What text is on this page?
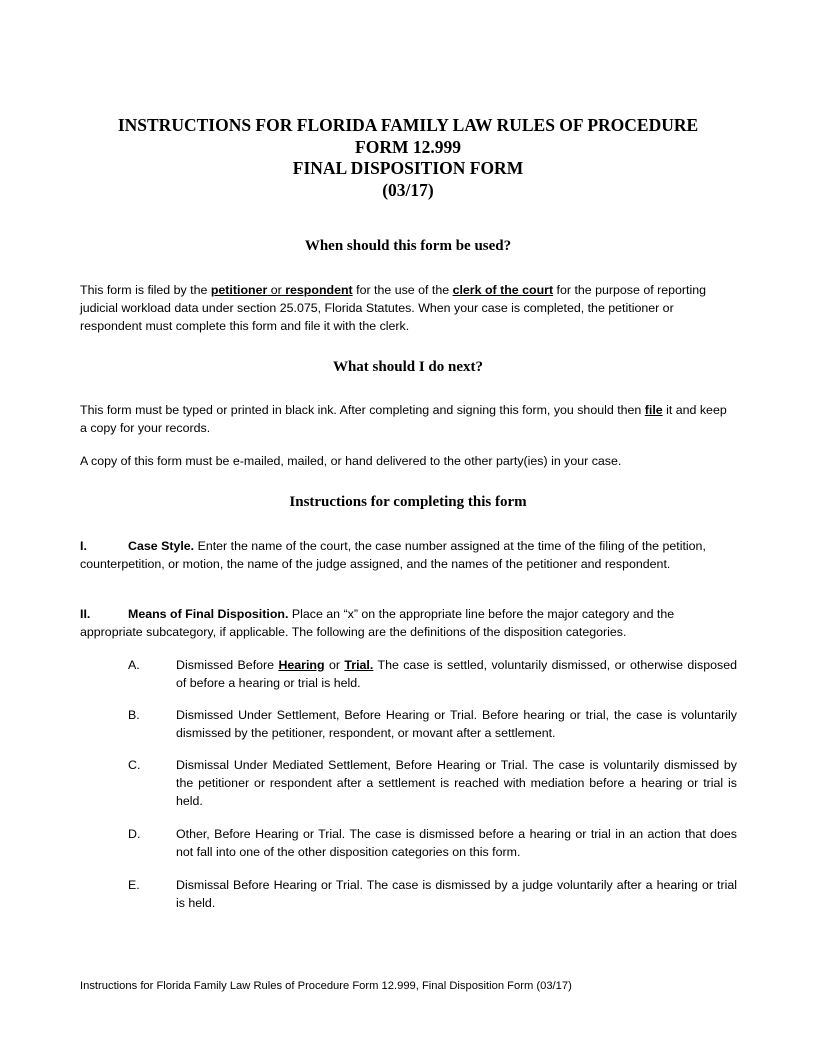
INSTRUCTIONS FOR FLORIDA FAMILY LAW RULES OF PROCEDURE
FORM 12.999
FINAL DISPOSITION FORM
(03/17)
When should this form be used?
This form is filed by the petitioner or respondent for the use of the clerk of the court for the purpose of reporting judicial workload data under section 25.075, Florida Statutes. When your case is completed, the petitioner or respondent must complete this form and file it with the clerk.
What should I do next?
This form must be typed or printed in black ink. After completing and signing this form, you should then file it and keep a copy for your records.
A copy of this form must be e-mailed, mailed, or hand delivered to the other party(ies) in your case.
Instructions for completing this form
I.	Case Style. Enter the name of the court, the case number assigned at the time of the filing of the petition, counterpetition, or motion, the name of the judge assigned, and the names of the petitioner and respondent.
II.	Means of Final Disposition. Place an “x” on the appropriate line before the major category and the appropriate subcategory, if applicable. The following are the definitions of the disposition categories.
A.	Dismissed Before Hearing or Trial. The case is settled, voluntarily dismissed, or otherwise disposed of before a hearing or trial is held.
B.	Dismissed Under Settlement, Before Hearing or Trial. Before hearing or trial, the case is voluntarily dismissed by the petitioner, respondent, or movant after a settlement.
C.	Dismissal Under Mediated Settlement, Before Hearing or Trial. The case is voluntarily dismissed by the petitioner or respondent after a settlement is reached with mediation before a hearing or trial is held.
D.	Other, Before Hearing or Trial. The case is dismissed before a hearing or trial in an action that does not fall into one of the other disposition categories on this form.
E.	Dismissal Before Hearing or Trial. The case is dismissed by a judge voluntarily after a hearing or trial is held.
Instructions for Florida Family Law Rules of Procedure Form 12.999, Final Disposition Form (03/17)
